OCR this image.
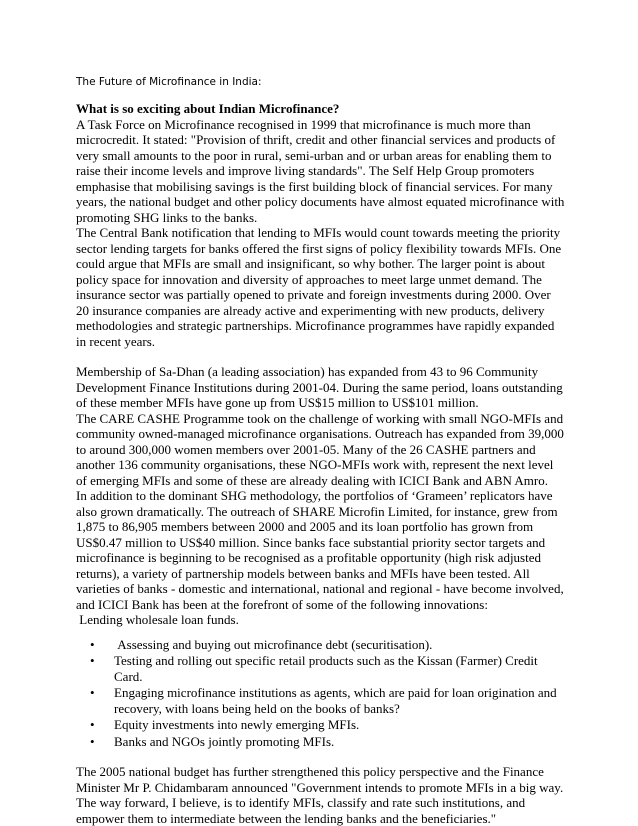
The Future of Microfinance in India:

What is so exciting about Indian Microfinance?

A Task Force on Microfinance recognised in 1999 that microfinance is much more than microcredit. It stated: "Provision of thrift, credit and other financial services and products of very small amounts to the poor in rural, semi-urban and or urban areas for enabling them to raise their income levels and improve living standards". The Self Help Group promoters emphasise that mobilising savings is the first building block of financial services. For many years, the national budget and other policy documents have almost equated microfinance with promoting SHG links to the banks.

The Central Bank notification that lending to MFIs would count towards meeting the priority sector lending targets for banks offered the first signs of policy flexibility towards MFIs. One could argue that MFIs are small and insignificant, so why bother. The larger point is about policy space for innovation and diversity of approaches to meet large unmet demand. The insurance sector was partially opened to private and foreign investments during 2000. Over 20 insurance companies are already active and experimenting with new products, delivery methodologies and strategic partnerships. Microfinance programmes have rapidly expanded in recent years.

Membership of Sa-Dhan (a leading association) has expanded from 43 to 96 Community Development Finance Institutions during 2001-04. During the same period, loans outstanding of these member MFIs have gone up from US$15 million to US$101 million.

The CARE CASHE Programme took on the challenge of working with small NGO-MFIs and community owned-managed microfinance organisations. Outreach has expanded from 39,000 to around 300,000 women members over 2001-05. Many of the 26 CASHE partners and another 136 community organisations, these NGO-MFIs work with, represent the next level of emerging MFIs and some of these are already dealing with ICICI Bank and ABN Amro.

In addition to the dominant SHG methodology, the portfolios of ‘Grameen’ replicators have also grown dramatically. The outreach of SHARE Microfin Limited, for instance, grew from 1,875 to 86,905 members between 2000 and 2005 and its loan portfolio has grown from US$0.47 million to US$40 million. Since banks face substantial priority sector targets and microfinance is beginning to be recognised as a profitable opportunity (high risk adjusted returns), a variety of partnership models between banks and MFIs have been tested. All varieties of banks - domestic and international, national and regional - have become involved, and ICICI Bank has been at the forefront of some of the following innovations:

Lending wholesale loan funds.

• Assessing and buying out microfinance debt (securitisation).
• Testing and rolling out specific retail products such as the Kissan (Farmer) Credit Card.
• Engaging microfinance institutions as agents, which are paid for loan origination and recovery, with loans being held on the books of banks?
• Equity investments into newly emerging MFIs.
• Banks and NGOs jointly promoting MFIs.

The 2005 national budget has further strengthened this policy perspective and the Finance Minister Mr P. Chidambaram announced "Government intends to promote MFIs in a big way. The way forward, I believe, is to identify MFIs, classify and rate such institutions, and empower them to intermediate between the lending banks and the beneficiaries."
